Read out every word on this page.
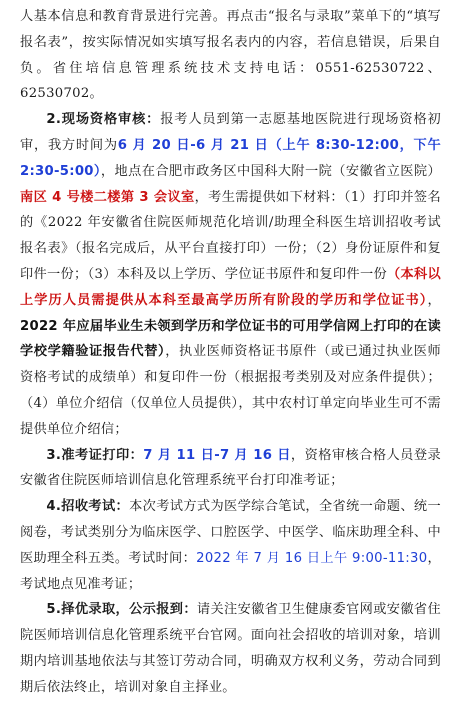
人基本信息和教育背景进行完善。再点击“报名与录取”菜单下的“填写报名表”，按实际情况如实填写报名表内的内容，若信息错误，后果自负。省住培信息管理系统技术支持电话：0551-62530722、62530702。

2.现场资格审核：报考人员到第一志愿基地医院进行现场资格初审，我方时间为6 月 20 日-6 月 21 日（上午 8:30-12:00，下午 2:30-5:00），地点在合肥市政务区中国科大附一院（安徽省立医院）南区 4 号楼二楼第 3 会议室，考生需提供如下材料：（1）打印并签名的《2022 年安徽省住院医师规范化培训/助理全科医生培训招收考试报名表》（报名完成后，从平台直接打印）一份；（2）身份证原件和复印件一份；（3）本科及以上学历、学位证书原件和复印件一份（本科以上学历人员需提供从本科至最高学历所有阶段的学历和学位证书），2022 年应届毕业生未领到学历和学位证书的可用学信网上打印的在读学校学籍验证报告代替），执业医师资格证书原件（或已通过执业医师资格考试的成绩单）和复印件一份（根据报考类别及对应条件提供）；（4）单位介绍信（仅单位人员提供），其中农村订单定向毕业生可不需提供单位介绍信；

3.准考证打印：7 月 11 日-7 月 16 日，资格审核合格人员登录安徽省住院医师培训信息化管理系统平台打印准考证；

4.招收考试：本次考试方式为医学综合笔试，全省统一命题、统一阅卷，考试类别分为临床医学、口腔医学、中医学、临床助理全科、中医助理全科五类。考试时间：2022 年 7 月 16 日上午 9:00-11:30，考试地点见准考证；

5.择优录取，公示报到：请关注安徽省卫生健康委官网或安徽省住院医师培训信息化管理系统平台官网。面向社会招收的培训对象，培训期内培训基地依法与其签订劳动合同，明确双方权利义务，劳动合同到期后依法终止，培训对象自主择业。
